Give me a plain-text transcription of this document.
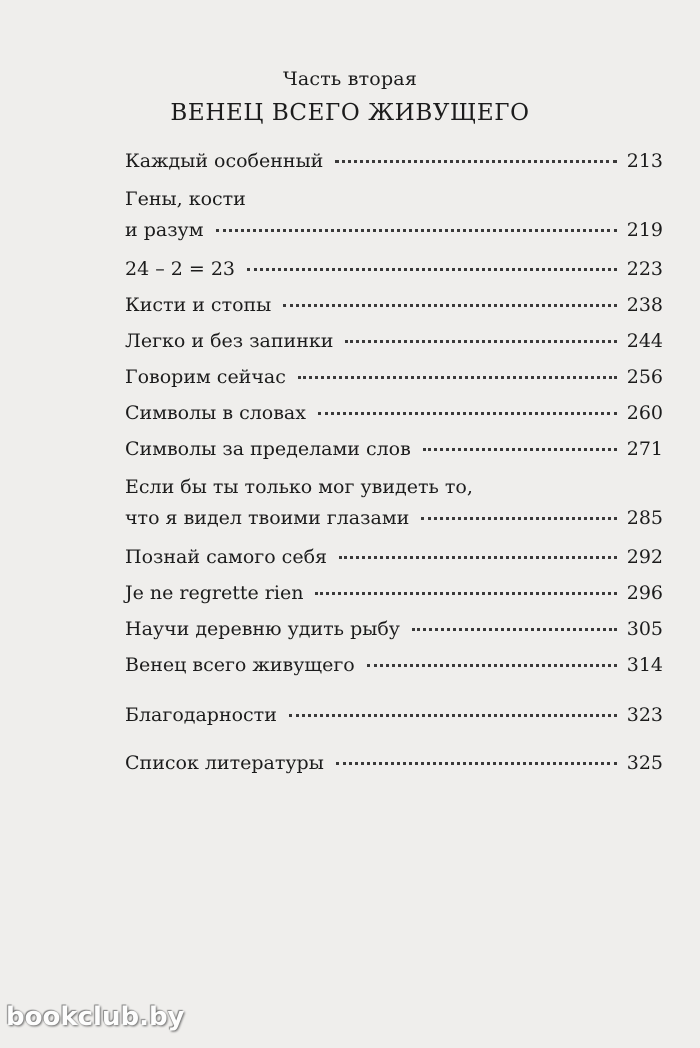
Часть вторая
ВЕНЕЦ ВСЕГО ЖИВУЩЕГО
Каждый особенный	213
Гены, кости
и разум	219
24 – 2 = 23	223
Кисти и стопы	238
Легко и без запинки	244
Говорим сейчас	256
Символы в словах	260
Символы за пределами слов	271
Если бы ты только мог увидеть то,
что я видел твоими глазами	285
Познай самого себя	292
Je ne regrette rien	296
Научи деревню удить рыбу	305
Венец всего живущего	314
Благодарности	323
Список литературы	325
bookclub.by
